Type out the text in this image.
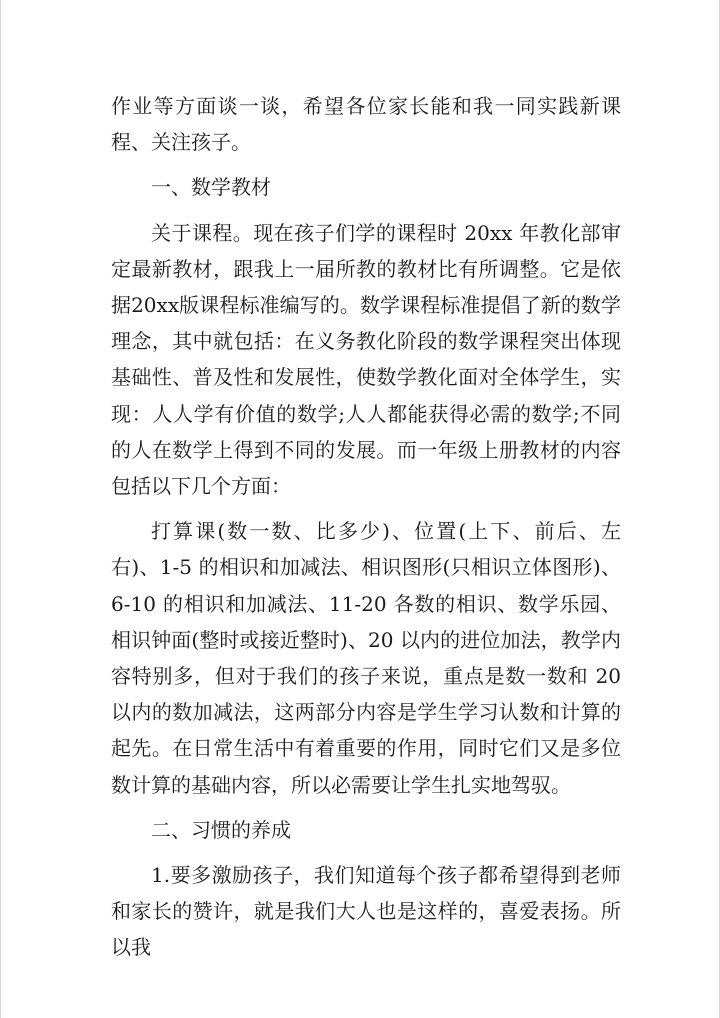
作业等方面谈一谈，希望各位家长能和我一同实践新课程、关注孩子。

一、数学教材

关于课程。现在孩子们学的课程时 20xx 年教化部审定最新教材，跟我上一届所教的教材比有所调整。它是依据20xx版课程标准编写的。数学课程标准提倡了新的数学理念，其中就包括：在义务教化阶段的数学课程突出体现基础性、普及性和发展性，使数学教化面对全体学生，实现：人人学有价值的数学;人人都能获得必需的数学;不同的人在数学上得到不同的发展。而一年级上册教材的内容包括以下几个方面：

打算课(数一数、比多少)、位置(上下、前后、左右)、1-5 的相识和加减法、相识图形(只相识立体图形)、6-10 的相识和加减法、11-20 各数的相识、数学乐园、相识钟面(整时或接近整时)、20 以内的进位加法，教学内容特别多，但对于我们的孩子来说，重点是数一数和 20 以内的数加减法，这两部分内容是学生学习认数和计算的起先。在日常生活中有着重要的作用，同时它们又是多位数计算的基础内容，所以必需要让学生扎实地驾驭。

二、习惯的养成

1.要多激励孩子，我们知道每个孩子都希望得到老师和家长的赞许，就是我们大人也是这样的，喜爱表扬。所以我
